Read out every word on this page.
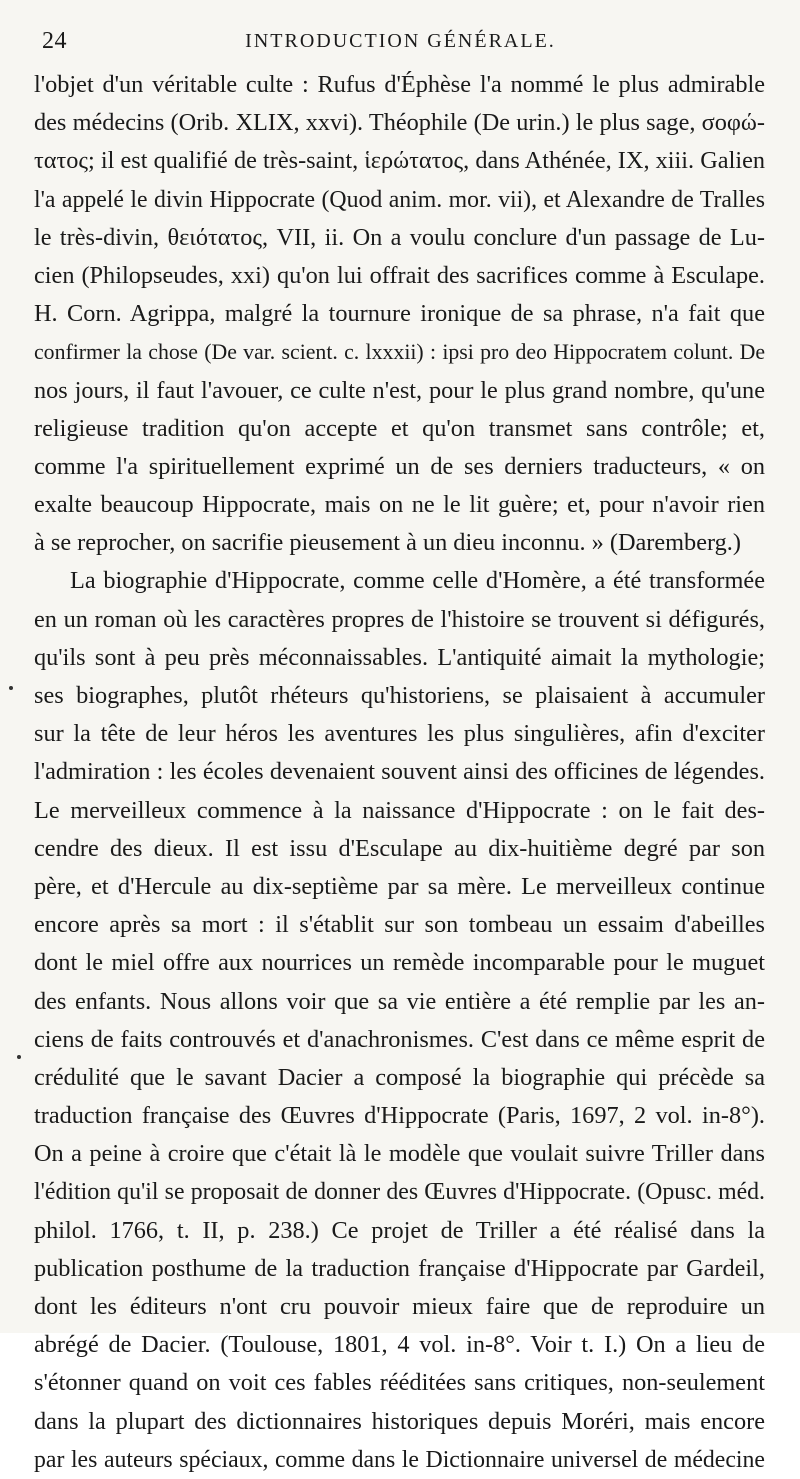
24	INTRODUCTION GÉNÉRALE.
l'objet d'un véritable culte : Rufus d'Éphèse l'a nommé le plus admirable
des médecins (Orib. XLIX, xxvi). Théophile (De urin.) le plus sage, σοφώ-
τατος; il est qualifié de très-saint, ἱερώτατος, dans Athénée, IX, xiii. Galien
l'a appelé le divin Hippocrate (Quod anim. mor. vii), et Alexandre de Tralles
le très-divin, θειότατος, VII, ii. On a voulu conclure d'un passage de Lu-
cien (Philopseudes, xxi) qu'on lui offrait des sacrifices comme à Esculape.
H. Corn. Agrippa, malgré la tournure ironique de sa phrase, n'a fait que
confirmer la chose (De var. scient. c. lxxxii) : ipsi pro deo Hippocratem colunt. De
nos jours, il faut l'avouer, ce culte n'est, pour le plus grand nombre, qu'une
religieuse tradition qu'on accepte et qu'on transmet sans contrôle; et,
comme l'a spirituellement exprimé un de ses derniers traducteurs, « on
exalte beaucoup Hippocrate, mais on ne le lit guère; et, pour n'avoir rien
à se reprocher, on sacrifie pieusement à un dieu inconnu. » (Daremberg.)
La biographie d'Hippocrate, comme celle d'Homère, a été transformée
en un roman où les caractères propres de l'histoire se trouvent si défigurés,
qu'ils sont à peu près méconnaissables. L'antiquité aimait la mythologie;
ses biographes, plutôt rhéteurs qu'historiens, se plaisaient à accumuler
sur la tête de leur héros les aventures les plus singulières, afin d'exciter
l'admiration : les écoles devenaient souvent ainsi des officines de légendes.
Le merveilleux commence à la naissance d'Hippocrate : on le fait des-
cendre des dieux. Il est issu d'Esculape au dix-huitième degré par son
père, et d'Hercule au dix-septième par sa mère. Le merveilleux continue
encore après sa mort : il s'établit sur son tombeau un essaim d'abeilles
dont le miel offre aux nourrices un remède incomparable pour le muguet
des enfants. Nous allons voir que sa vie entière a été remplie par les an-
ciens de faits controuvés et d'anachronismes. C'est dans ce même esprit de
crédulité que le savant Dacier a composé la biographie qui précède sa
traduction française des Œuvres d'Hippocrate (Paris, 1697, 2 vol. in-8°).
On a peine à croire que c'était là le modèle que voulait suivre Triller dans
l'édition qu'il se proposait de donner des Œuvres d'Hippocrate. (Opusc. méd.
philol. 1766, t. II, p. 238.) Ce projet de Triller a été réalisé dans la
publication posthume de la traduction française d'Hippocrate par Gardeil,
dont les éditeurs n'ont cru pouvoir mieux faire que de reproduire un
abrégé de Dacier. (Toulouse, 1801, 4 vol. in-8°. Voir t. I.) On a lieu de
s'étonner quand on voit ces fables rééditées sans critiques, non-seulement
dans la plupart des dictionnaires historiques depuis Moréri, mais encore
par les auteurs spéciaux, comme dans le Dictionnaire universel de médecine
